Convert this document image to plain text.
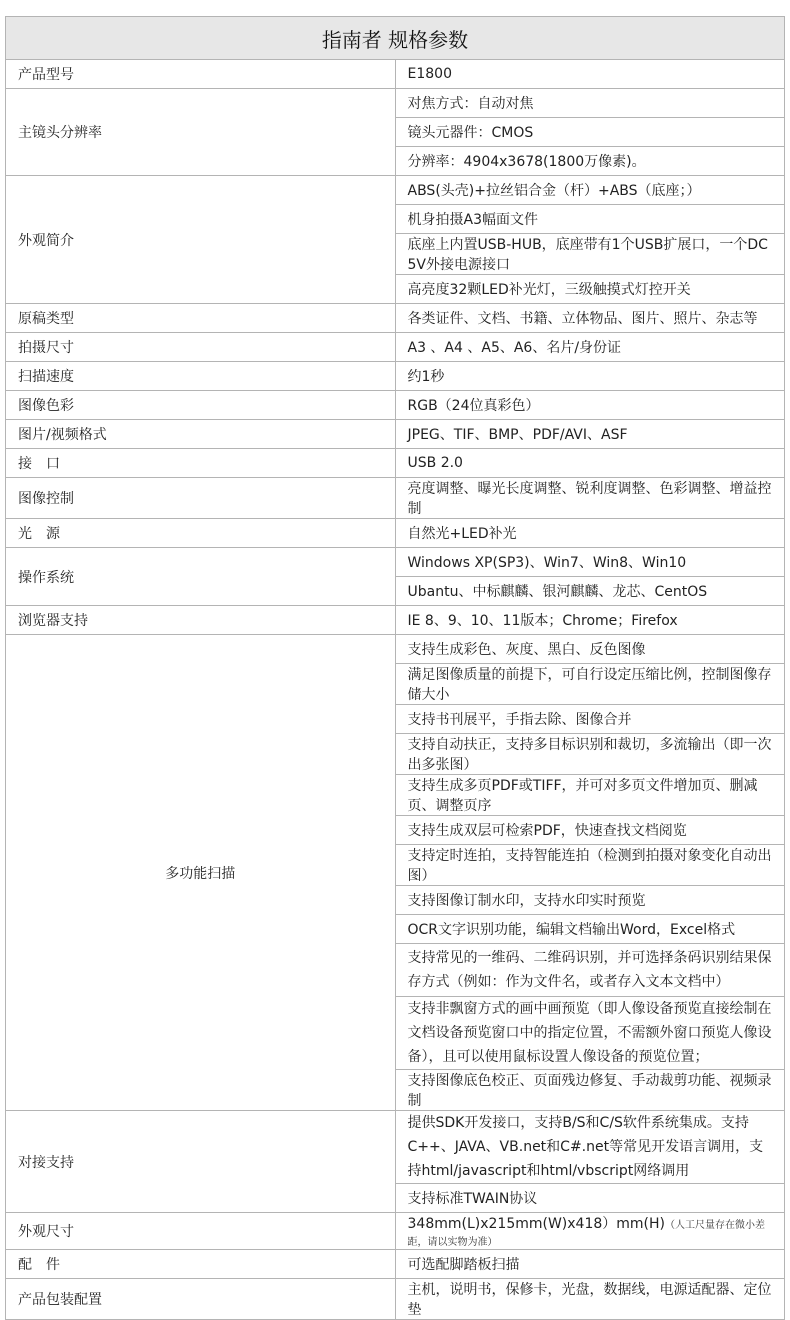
指南者 规格参数	
产品型号	E1800
主镜头分辨率	对焦方式：自动对焦
	镜头元器件：CMOS
	分辨率：4904x3678(1800万像素)。
外观简介	ABS(头壳)+拉丝铝合金（杆）+ABS（底座；）
	机身拍摄A3幅面文件
	底座上内置USB-HUB，底座带有1个USB扩展口，一个DC 5V外接电源接口
	高亮度32颗LED补光灯，三级触摸式灯控开关
原稿类型	各类证件、文档、书籍、立体物品、图片、照片、杂志等
拍摄尺寸	A3 、A4 、A5、A6、名片/身份证
扫描速度	约1秒
图像色彩	RGB（24位真彩色）
图片/视频格式	JPEG、TIF、BMP、PDF/AVI、ASF
接　口	USB 2.0
图像控制	亮度调整、曝光长度调整、锐利度调整、色彩调整、增益控制
光　源	自然光+LED补光
操作系统	Windows XP(SP3)、Win7、Win8、Win10
	Ubantu、中标麒麟、银河麒麟、龙芯、CentOS
浏览器支持	IE 8、9、10、11版本；Chrome；Firefox
多功能扫描	支持生成彩色、灰度、黑白、反色图像
	满足图像质量的前提下，可自行设定压缩比例，控制图像存储大小
	支持书刊展平，手指去除、图像合并
	支持自动扶正，支持多目标识别和裁切，多流输出（即一次出多张图）
	支持生成多页PDF或TIFF，并可对多页文件增加页、删减页、调整页序
	支持生成双层可检索PDF，快速查找文档阅览
	支持定时连拍，支持智能连拍（检测到拍摄对象变化自动出图）
	支持图像订制水印，支持水印实时预览
	OCR文字识别功能，编辑文档输出Word，Excel格式
	支持常见的一维码、二维码识别，并可选择条码识别结果保存方式（例如：作为文件名，或者存入文本文档中）
	支持非飘窗方式的画中画预览（即人像设备预览直接绘制在文档设备预览窗口中的指定位置，不需额外窗口预览人像设备），且可以使用鼠标设置人像设备的预览位置；
	支持图像底色校正、页面残边修复、手动裁剪功能、视频录制
对接支持	提供SDK开发接口，支持B/S和C/S软件系统集成。支持C++、JAVA、VB.net和C#.net等常见开发语言调用，支持html/javascript和html/vbscript网络调用
	支持标准TWAIN协议
外观尺寸	348mm(L)x215mm(W)x418）mm(H)（人工尺量存在微小差距，请以实物为准）
配　件	可选配脚踏板扫描
产品包装配置	主机，说明书，保修卡，光盘，数据线，电源适配器、定位垫
